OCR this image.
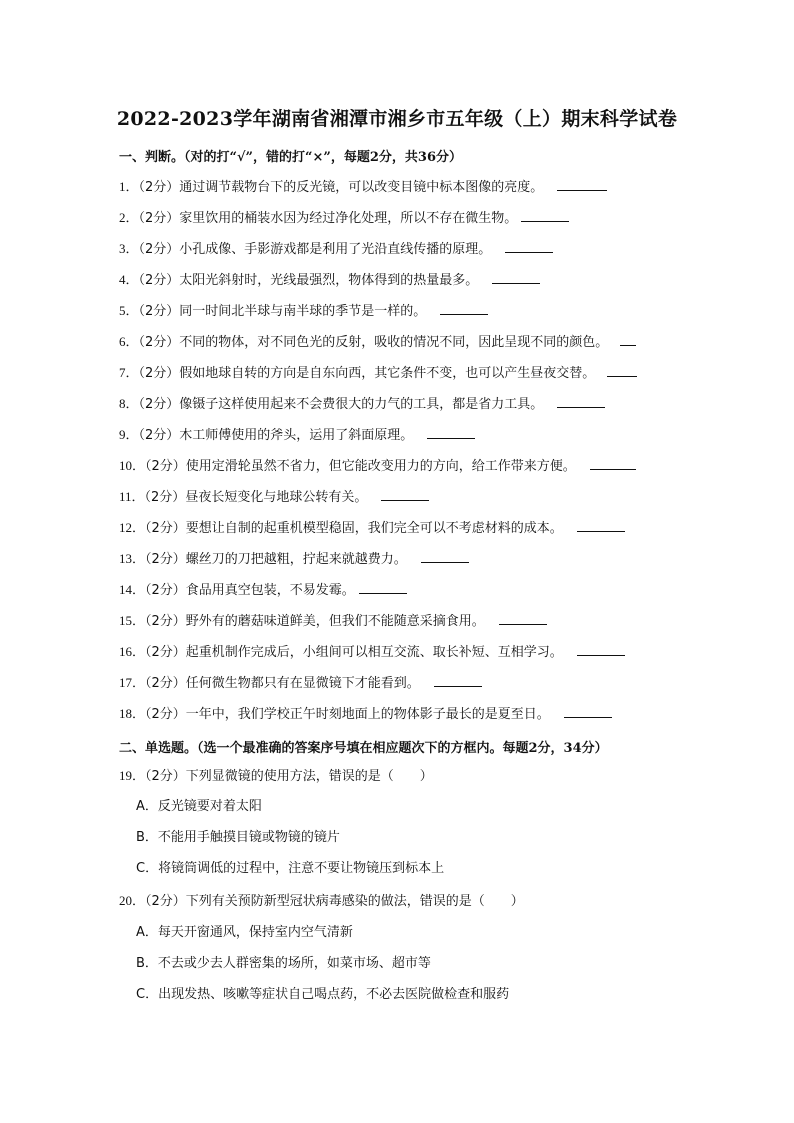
2022-2023学年湖南省湘潭市湘乡市五年级（上）期末科学试卷
一、判断。（对的打“√”，错的打“×”，每题2分，共36分）
1．（2分）通过调节载物台下的反光镜，可以改变目镜中标本图像的亮度。
2．（2分）家里饮用的桶装水因为经过净化处理，所以不存在微生物。
3．（2分）小孔成像、手影游戏都是利用了光沿直线传播的原理。
4．（2分）太阳光斜射时，光线最强烈，物体得到的热量最多。
5．（2分）同一时间北半球与南半球的季节是一样的。
6．（2分）不同的物体，对不同色光的反射，吸收的情况不同，因此呈现不同的颜色。
7．（2分）假如地球自转的方向是自东向西，其它条件不变，也可以产生昼夜交替。
8．（2分）像镊子这样使用起来不会费很大的力气的工具，都是省力工具。
9．（2分）木工师傅使用的斧头，运用了斜面原理。
10．（2分）使用定滑轮虽然不省力，但它能改变用力的方向，给工作带来方便。
11．（2分）昼夜长短变化与地球公转有关。
12．（2分）要想让自制的起重机模型稳固，我们完全可以不考虑材料的成本。
13．（2分）螺丝刀的刀把越粗，拧起来就越费力。
14．（2分）食品用真空包装，不易发霉。
15．（2分）野外有的蘑菇味道鲜美，但我们不能随意采摘食用。
16．（2分）起重机制作完成后，小组间可以相互交流、取长补短、互相学习。
17．（2分）任何微生物都只有在显微镜下才能看到。
18．（2分）一年中，我们学校正午时刻地面上的物体影子最长的是夏至日。
二、单选题。（选一个最准确的答案序号填在相应题次下的方框内。每题2分，34分）
19．（2分）下列显微镜的使用方法，错误的是（　　）
A．反光镜要对着太阳
B．不能用手触摸目镜或物镜的镜片
C．将镜筒调低的过程中，注意不要让物镜压到标本上
20．（2分）下列有关预防新型冠状病毒感染的做法，错误的是（　　）
A．每天开窗通风，保持室内空气清新
B．不去或少去人群密集的场所，如菜市场、超市等
C．出现发热、咳嗽等症状自己喝点药，不必去医院做检查和服药
